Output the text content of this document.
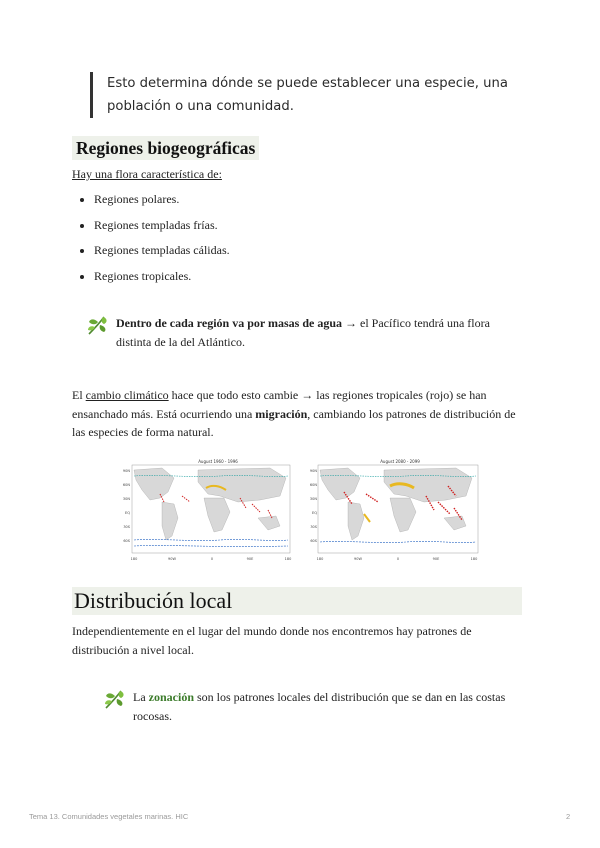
Esto determina dónde se puede establecer una especie, una población o una comunidad.
Regiones biogeográficas
Hay una flora característica de:
• Regiones polares.
• Regiones templadas frías.
• Regiones templadas cálidas.
• Regiones tropicales.
Dentro de cada región va por masas de agua → el Pacífico tendrá una flora distinta de la del Atlántico.
El cambio climático hace que todo esto cambie → las regiones tropicales (rojo) se han ensanchado más. Está ocurriendo una migración, cambiando los patrones de distribución de las especies de forma natural.
August 1960 - 1996
90N
60N
30N
EQ
30S
60S
180	90W	0	90E	180
August 2080 - 2099
90N
60N
30N
EQ
30S
60S
180	90W	0	90E	180
Distribución local
Independientemente en el lugar del mundo donde nos encontremos hay patrones de distribución a nivel local.
La zonación son los patrones locales del distribución que se dan en las costas rocosas.
Tema 13. Comunidades vegetales marinas. HIC	2
